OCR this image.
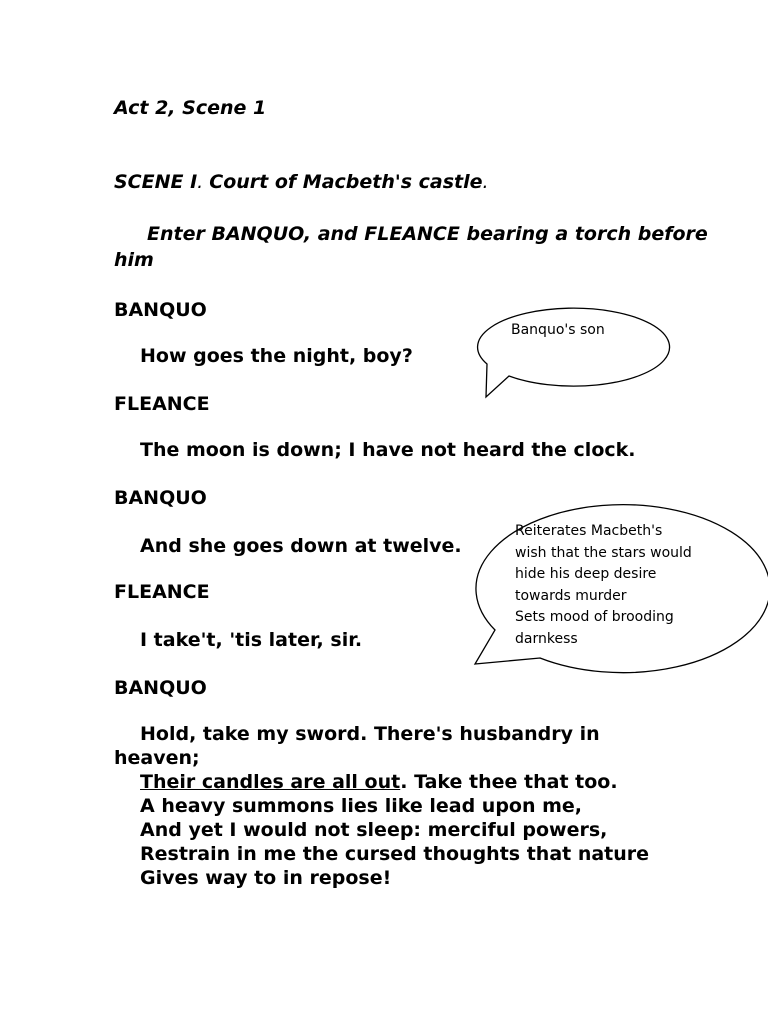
Act 2, Scene 1
SCENE I. Court of Macbeth's castle.
Enter BANQUO, and FLEANCE bearing a torch before
him
BANQUO
How goes the night, boy?
FLEANCE
The moon is down; I have not heard the clock.
BANQUO
And she goes down at twelve.
FLEANCE
I take't, 'tis later, sir.
BANQUO
Hold, take my sword. There's husbandry in
heaven;
Their candles are all out. Take thee that too.
A heavy summons lies like lead upon me,
And yet I would not sleep: merciful powers,
Restrain in me the cursed thoughts that nature
Gives way to in repose!
Banquo's son
Reiterates Macbeth's
wish that the stars would
hide his deep desire
towards murder
Sets mood of brooding
darnkess
